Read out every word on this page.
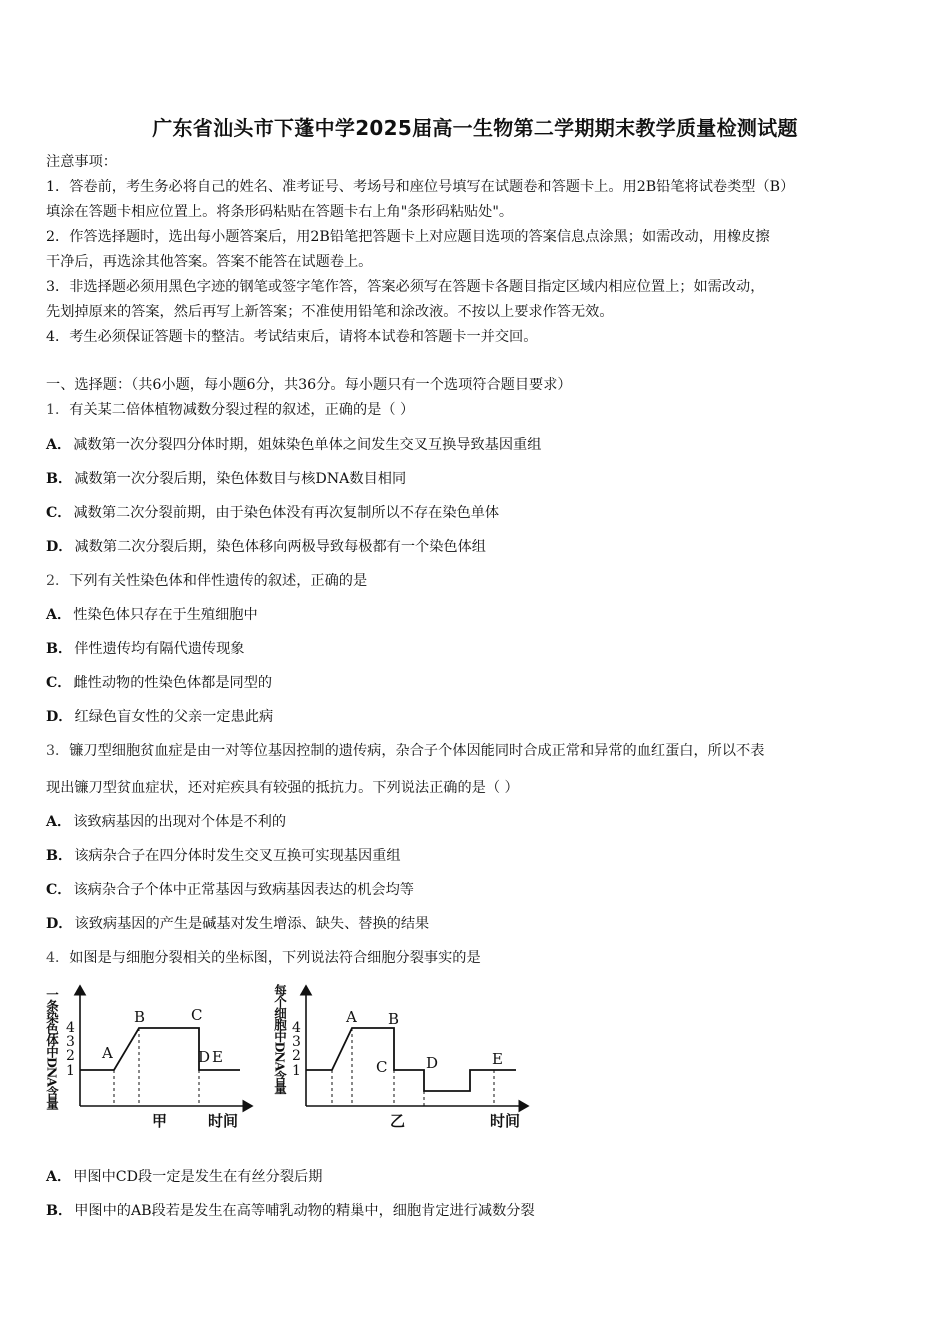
广东省汕头市下蓬中学2025届高一生物第二学期期末教学质量检测试题
注意事项：
1．答卷前，考生务必将自己的姓名、准考证号、考场号和座位号填写在试题卷和答题卡上。用2B铅笔将试卷类型（B）
填涂在答题卡相应位置上。将条形码粘贴在答题卡右上角"条形码粘贴处"。
2．作答选择题时，选出每小题答案后，用2B铅笔把答题卡上对应题目选项的答案信息点涂黑；如需改动，用橡皮擦
干净后，再选涂其他答案。答案不能答在试题卷上。
3．非选择题必须用黑色字迹的钢笔或签字笔作答，答案必须写在答题卡各题目指定区域内相应位置上；如需改动，
先划掉原来的答案，然后再写上新答案；不准使用铅笔和涂改液。不按以上要求作答无效。
4．考生必须保证答题卡的整洁。考试结束后，请将本试卷和答题卡一并交回。
一、选择题：（共6小题，每小题6分，共36分。每小题只有一个选项符合题目要求）
1．有关某二倍体植物减数分裂过程的叙述，正确的是（ ）
A． 减数第一次分裂四分体时期，姐妹染色单体之间发生交叉互换导致基因重组
B． 减数第一次分裂后期，染色体数目与核DNA数目相同
C． 减数第二次分裂前期，由于染色体没有再次复制所以不存在染色单体
D． 减数第二次分裂后期，染色体移向两极导致每极都有一个染色体组
2．下列有关性染色体和伴性遗传的叙述，正确的是
A． 性染色体只存在于生殖细胞中
B． 伴性遗传均有隔代遗传现象
C． 雌性动物的性染色体都是同型的
D． 红绿色盲女性的父亲一定患此病
3．镰刀型细胞贫血症是由一对等位基因控制的遗传病，杂合子个体因能同时合成正常和异常的血红蛋白，所以不表
现出镰刀型贫血症状，还对疟疾具有较强的抵抗力。下列说法正确的是（ ）
A． 该致病基因的出现对个体是不利的
B． 该病杂合子在四分体时发生交叉互换可实现基因重组
C． 该病杂合子个体中正常基因与致病基因表达的机会均等
D． 该致病基因的产生是碱基对发生增添、缺失、替换的结果
4．如图是与细胞分裂相关的坐标图，下列说法符合细胞分裂事实的是
一条染色体中DNA含量 4
3
2
1
A
B	C
D E
甲	时间
每个细胞中DNA含量 4
3
2
1
A B
C	D	E
乙	时间
A． 甲图中CD段一定是发生在有丝分裂后期
B． 甲图中的AB段若是发生在高等哺乳动物的精巢中，细胞肯定进行减数分裂
